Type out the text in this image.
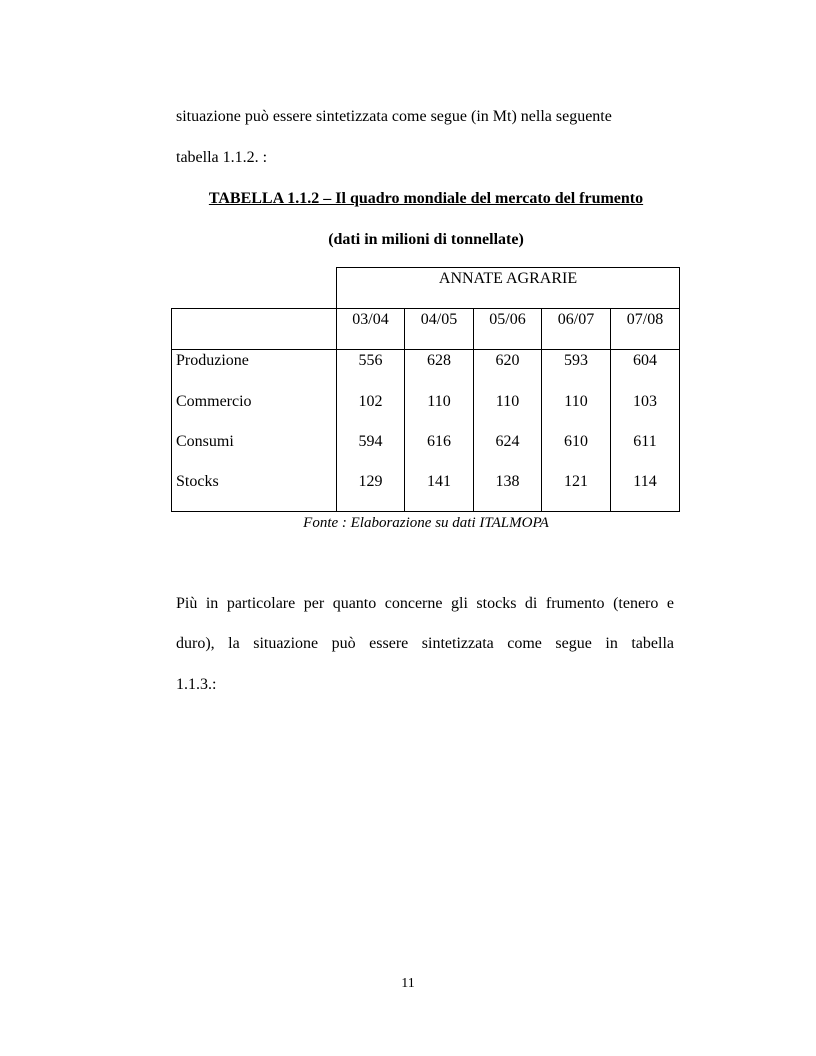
situazione può essere sintetizzata come segue (in Mt) nella seguente
tabella 1.1.2. :
TABELLA 1.1.2 – Il quadro mondiale del mercato del frumento
(dati in milioni di tonnellate)
ANNATE AGRARIE
03/04	04/05	05/06	06/07	07/08
Produzione	556	628	620	593	604
Commercio	102	110	110	110	103
Consumi	594	616	624	610	611
Stocks	129	141	138	121	114
Fonte : Elaborazione su dati ITALMOPA
Più in particolare per quanto concerne gli stocks di frumento (tenero e
duro), la situazione può essere sintetizzata come segue in tabella
1.1.3.:
11
